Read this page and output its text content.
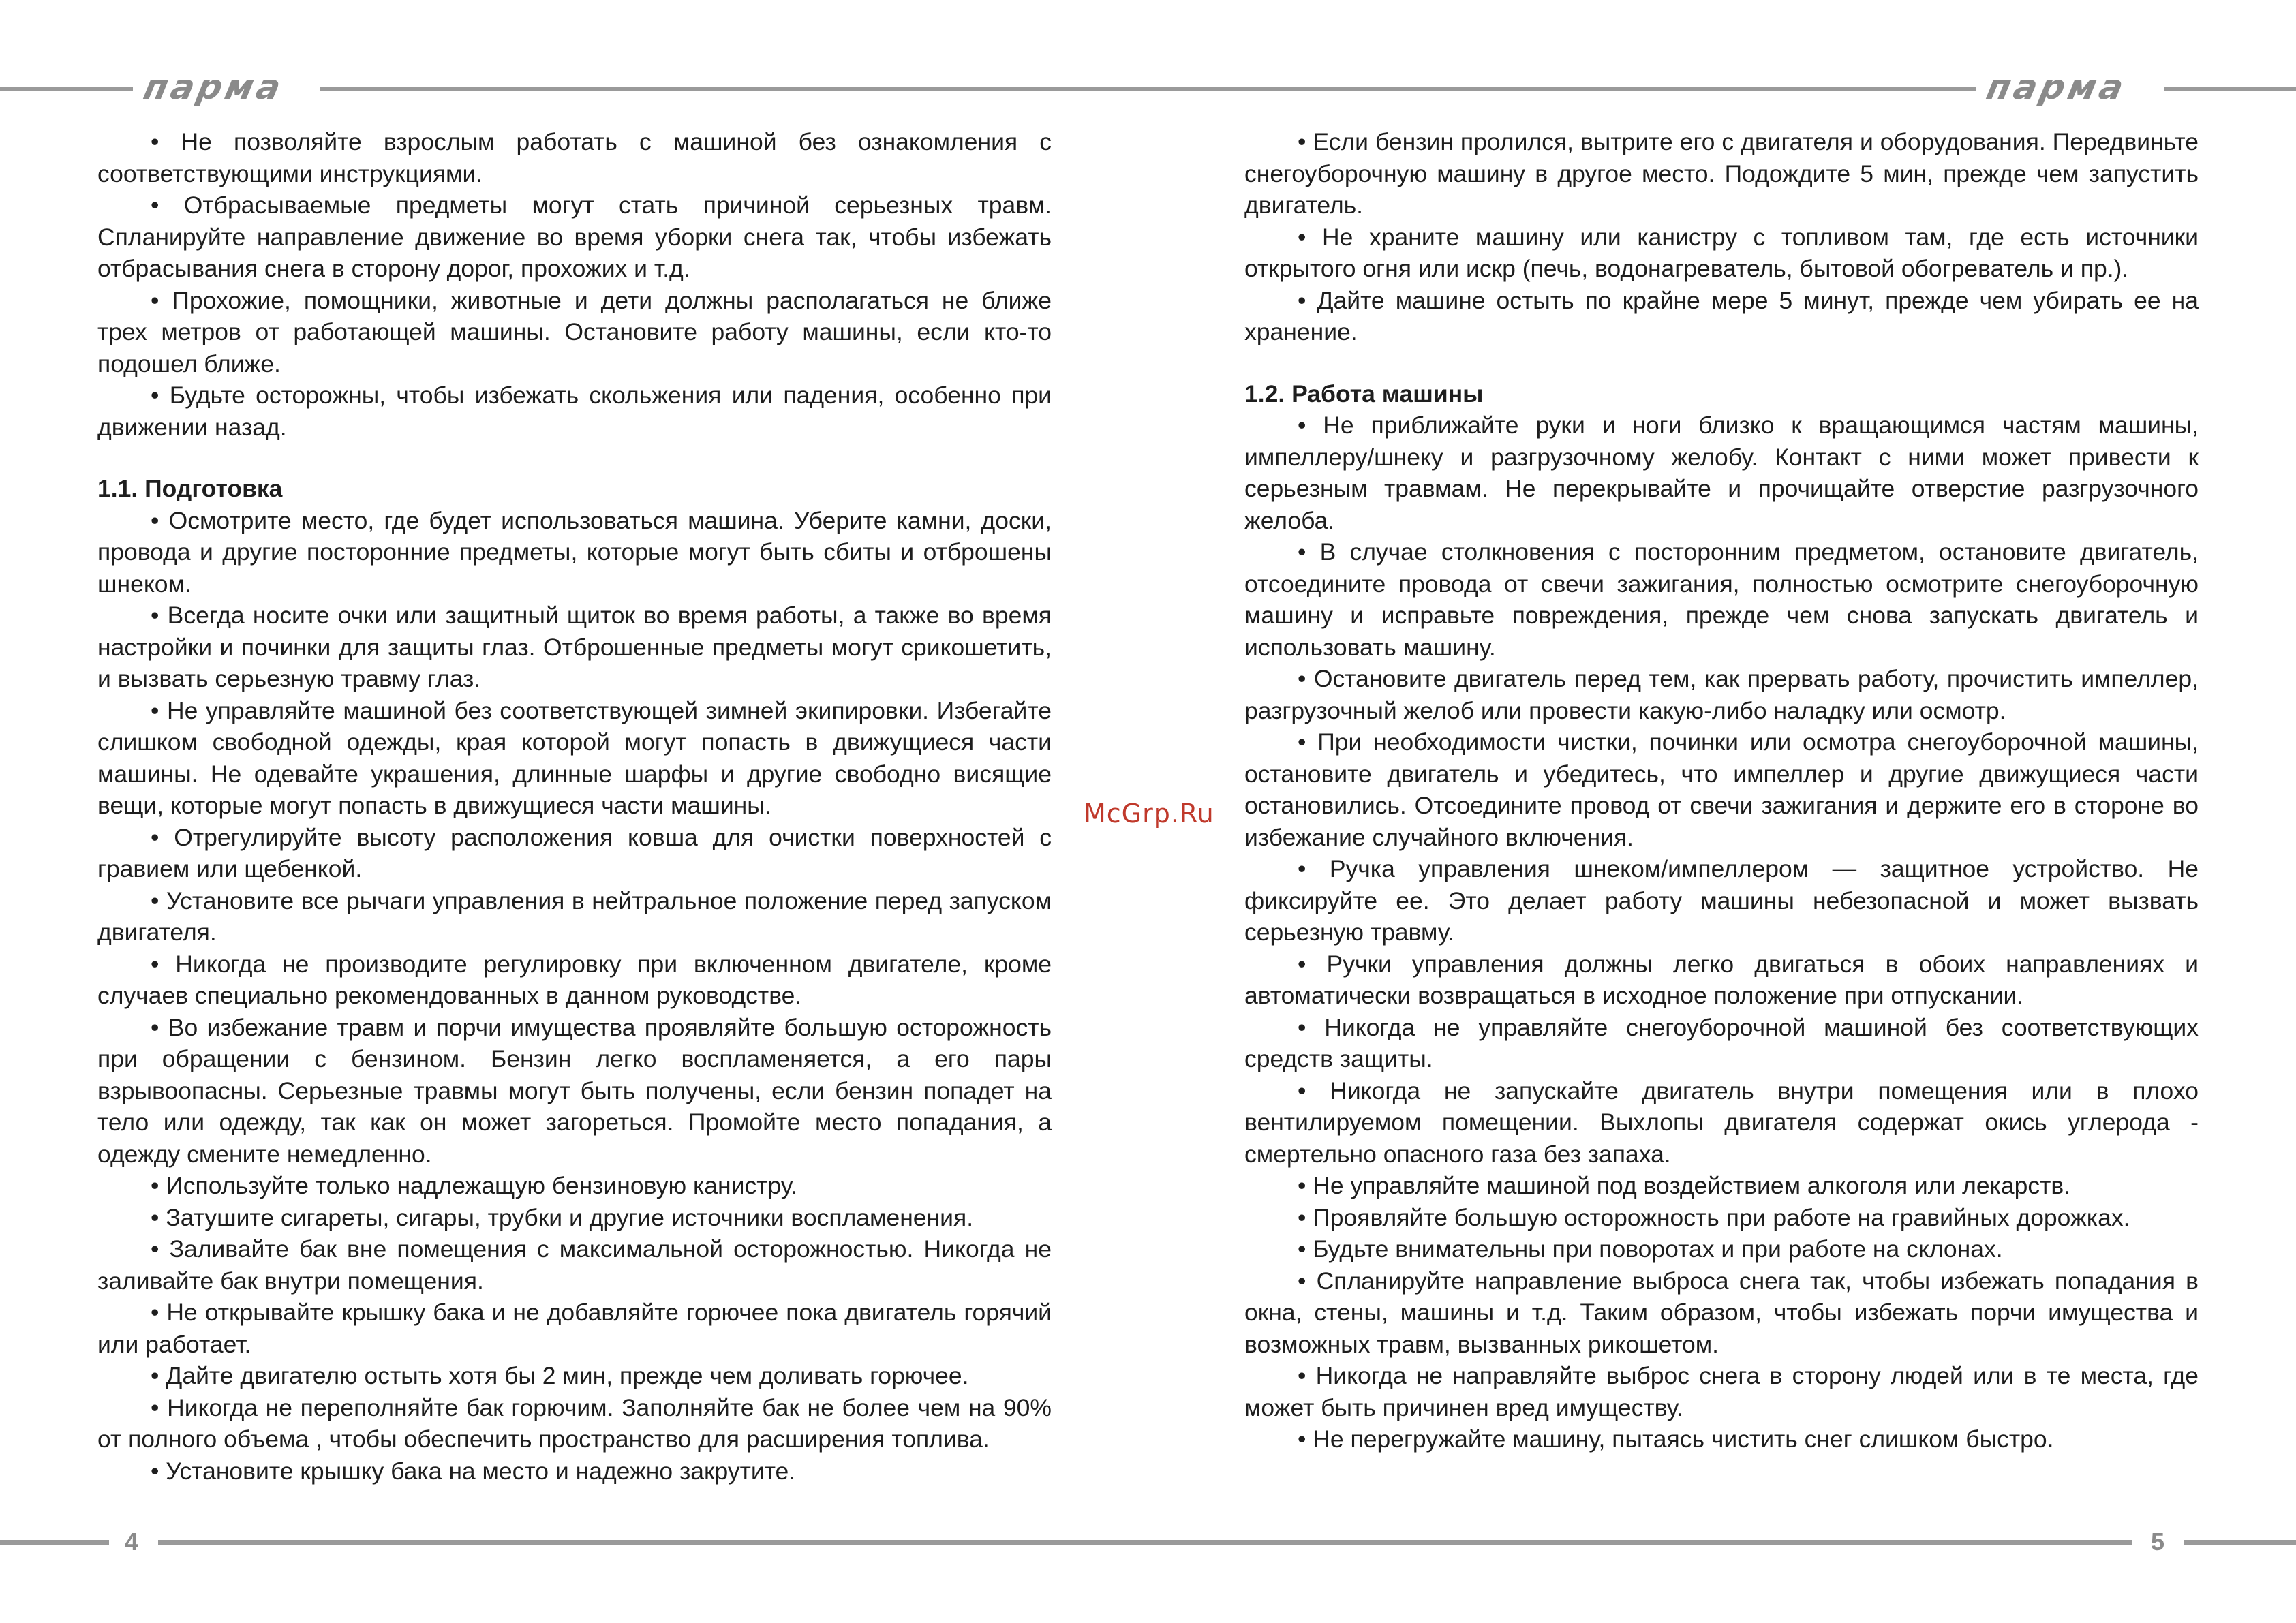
парма	парма

• Не позволяйте взрослым работать с машиной без ознакомления с соответствующими инструкциями.

• Отбрасываемые предметы могут стать причиной серьезных травм. Спланируйте направление движение во время уборки снега так, чтобы избежать отбрасывания снега в сторону дорог, прохожих и т.д.

• Прохожие, помощники, животные и дети должны располагаться не ближе трех метров от работающей машины. Остановите работу машины, если кто-то подошел ближе.

• Будьте осторожны, чтобы избежать скольжения или падения, особенно при движении назад.

1.1. Подготовка

• Осмотрите место, где будет использоваться машина. Уберите камни, доски, провода и другие посторонние предметы, которые могут быть сбиты и отброшены шнеком.

• Всегда носите очки или защитный щиток во время работы, а также во время настройки и починки для защиты глаз. Отброшенные предметы могут срикошетить, и вызвать серьезную травму глаз.

• Не управляйте машиной без соответствующей зимней экипировки. Избегайте слишком свободной одежды, края которой могут попасть в движущиеся части машины. Не одевайте украшения, длинные шарфы и другие свободно висящие вещи, которые могут попасть в движущиеся части машины.

• Отрегулируйте высоту расположения ковша для очистки поверхностей с гравием или щебенкой.

• Установите все рычаги управления в нейтральное положение перед запуском двигателя.

• Никогда не производите регулировку при включенном двигателе, кроме случаев специально рекомендованных в данном руководстве.

• Во избежание травм и порчи имущества проявляйте большую осторожность при обращении с бензином. Бензин легко воспламеняется, а его пары взрывоопасны. Серьезные травмы могут быть получены, если бензин попадет на тело или одежду, так как он может загореться. Промойте место попадания, а одежду смените немедленно.

• Используйте только надлежащую бензиновую канистру.

• Затушите сигареты, сигары, трубки и другие источники воспламенения.

• Заливайте бак вне помещения с максимальной осторожностью. Никогда не заливайте бак внутри помещения.

• Не открывайте крышку бака и не добавляйте горючее пока двигатель горячий или работает.

• Дайте двигателю остыть хотя бы 2 мин, прежде чем доливать горючее.

• Никогда не переполняйте бак горючим. Заполняйте бак не более чем на 90% от полного объема , чтобы обеспечить пространство для расширения топлива.

• Установите крышку бака на место и надежно закрутите.

McGrp.Ru

• Если бензин пролился, вытрите его с двигателя и оборудования. Передвиньте снегоуборочную машину в другое место. Подождите 5 мин, прежде чем запустить двигатель.

• Не храните машину или канистру с топливом там, где есть источники открытого огня или искр (печь, водонагреватель, бытовой обогреватель и пр.).

• Дайте машине остыть по крайне мере 5 минут, прежде чем убирать ее на хранение.

1.2. Работа машины

• Не приближайте руки и ноги близко к вращающимся частям машины, импеллеру/шнеку и разгрузочному желобу. Контакт с ними может привести к серьезным травмам. Не перекрывайте и прочищайте отверстие разгрузочного желоба.

• В случае столкновения с посторонним предметом, остановите двигатель, отсоедините провода от свечи зажигания, полностью осмотрите снегоуборочную машину и исправьте повреждения, прежде чем снова запускать двигатель и использовать машину.

• Остановите двигатель перед тем, как прервать работу, прочистить импеллер, разгрузочный желоб или провести какую-либо наладку или осмотр.

• При необходимости чистки, починки или осмотра снегоуборочной машины, остановите двигатель и убедитесь, что импеллер и другие движущиеся части остановились. Отсоедините провод от свечи зажигания и держите его в стороне во избежание случайного включения.

• Ручка управления шнеком/импеллером — защитное устройство. Не фиксируйте ее. Это делает работу машины небезопасной и может вызвать серьезную травму.

• Ручки управления должны легко двигаться в обоих направлениях и автоматически возвращаться в исходное положение при отпускании.

• Никогда не управляйте снегоуборочной машиной без соответствующих средств защиты.

• Никогда не запускайте двигатель внутри помещения или в плохо вентилируемом помещении. Выхлопы двигателя содержат окись углерода - смертельно опасного газа без запаха.

• Не управляйте машиной под воздействием алкоголя или лекарств.

• Проявляйте большую осторожность при работе на гравийных дорожках.

• Будьте внимательны при поворотах и при работе на склонах.

• Спланируйте направление выброса снега так, чтобы избежать попадания в окна, стены, машины и т.д. Таким образом, чтобы избежать порчи имущества и возможных травм, вызванных рикошетом.

• Никогда не направляйте выброс снега в сторону людей или в те места, где может быть причинен вред имуществу.

• Не перегружайте машину, пытаясь чистить снег слишком быстро.

4	5
